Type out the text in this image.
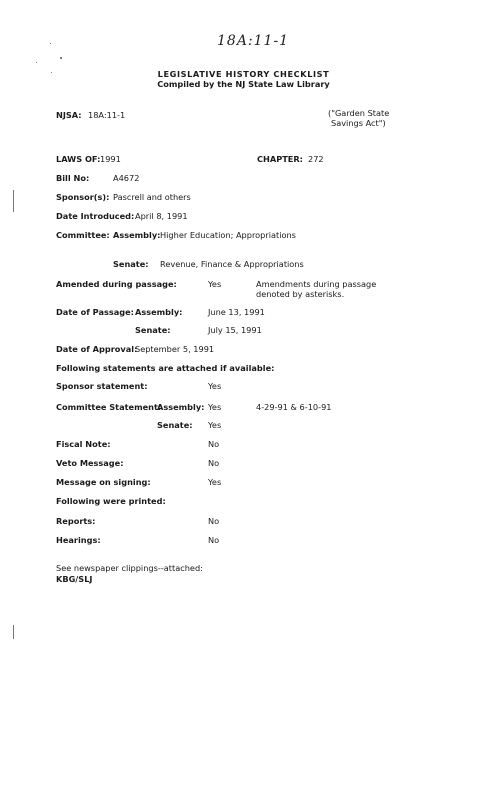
18A:11-1
LEGISLATIVE HISTORY CHECKLIST
Compiled by the NJ State Law Library
NJSA: 18A:11-1	("Garden State
Savings Act")
LAWS OF: 1991	CHAPTER: 272
Bill No:	A4672
Sponsor(s): Pascrell and others
Date Introduced: April 8, 1991
Committee: Assembly: Higher Education; Appropriations
Senate: Revenue, Finance & Appropriations
Amended during passage:	Yes	Amendments during passage
denoted by asterisks.
Date of Passage: Assembly:	June 13, 1991
Senate:	July 15, 1991
Date of Approval:
September 5, 1991
Following statements are attached if available:
Sponsor statement:	Yes
Committee Statement:
Assembly: Yes	4-29-91 & 6-10-91
Senate: Yes
Fiscal Note:	No
Veto Message:	No
Message on signing:	Yes
Following were printed:
Reports:	No
Hearings:	No
See newspaper clippings--attached:
KBG/SLJ
